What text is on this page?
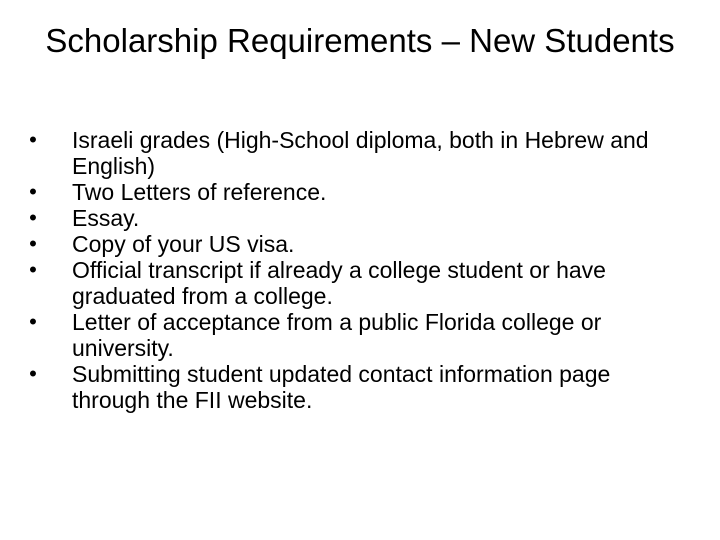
Scholarship Requirements – New Students
• Israeli grades (High-School diploma, both in Hebrew and English)
• Two Letters of reference.
• Essay.
• Copy of your US visa.
• Official transcript if already a college student or have graduated from a college.
• Letter of acceptance from a public Florida college or university.
• Submitting student updated contact information page through the FII website.
